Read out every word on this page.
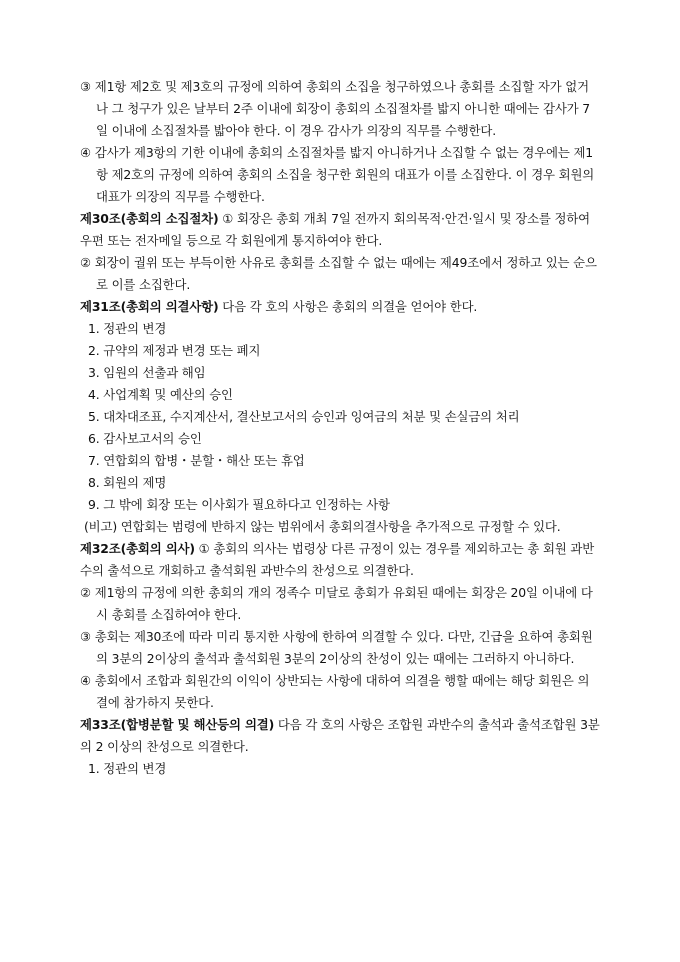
③ 제1항 제2호 및 제3호의 규정에 의하여 총회의 소집을 청구하였으나 총회를 소집할 자가 없거나 그 청구가 있은 날부터 2주 이내에 회장이 총회의 소집절차를 밟지 아니한 때에는 감사가 7일 이내에 소집절차를 밟아야 한다. 이 경우 감사가 의장의 직무를 수행한다.

④ 감사가 제3항의 기한 이내에 총회의 소집절차를 밟지 아니하거나 소집할 수 없는 경우에는 제1항 제2호의 규정에 의하여 총회의 소집을 청구한 회원의 대표가 이를 소집한다. 이 경우 회원의 대표가 의장의 직무를 수행한다.

제30조(총회의 소집절차) ① 회장은 총회 개최 7일 전까지 회의목적·안건·일시 및 장소를 정하여 우편 또는 전자메일 등으로 각 회원에게 통지하여야 한다.

② 회장이 궐위 또는 부득이한 사유로 총회를 소집할 수 없는 때에는 제49조에서 정하고 있는 순으로 이를 소집한다.

제31조(총회의 의결사항) 다음 각 호의 사항은 총회의 의결을 얻어야 한다.

1. 정관의 변경

2. 규약의 제정과 변경 또는 폐지

3. 임원의 선출과 해임

4. 사업계획 및 예산의 승인

5. 대차대조표, 수지계산서, 결산보고서의 승인과 잉여금의 처분 및 손실금의 처리

6. 감사보고서의 승인

7. 연합회의 합병・분할・해산 또는 휴업

8. 회원의 제명

9. 그 밖에 회장 또는 이사회가 필요하다고 인정하는 사항

(비고) 연합회는 범령에 반하지 않는 범위에서 총회의결사항을 추가적으로 규정할 수 있다.

제32조(총회의 의사) ① 총회의 의사는 법령상 다른 규정이 있는 경우를 제외하고는 총 회원 과반수의 출석으로 개회하고 출석회원 과반수의 찬성으로 의결한다.

② 제1항의 규정에 의한 총회의 개의 정족수 미달로 총회가 유회된 때에는 회장은 20일 이내에 다시 총회를 소집하여야 한다.

③ 총회는 제30조에 따라 미리 통지한 사항에 한하여 의결할 수 있다. 다만, 긴급을 요하여 총회원의 3분의 2이상의 출석과 출석회원 3분의 2이상의 찬성이 있는 때에는 그러하지 아니하다.

④ 총회에서 조합과 회원간의 이익이 상반되는 사항에 대하여 의결을 행할 때에는 해당 회원은 의결에 참가하지 못한다.

제33조(합병분할 및 해산등의 의결) 다음 각 호의 사항은 조합원 과반수의 출석과 출석조합원 3분의 2 이상의 찬성으로 의결한다.

1. 정관의 변경
